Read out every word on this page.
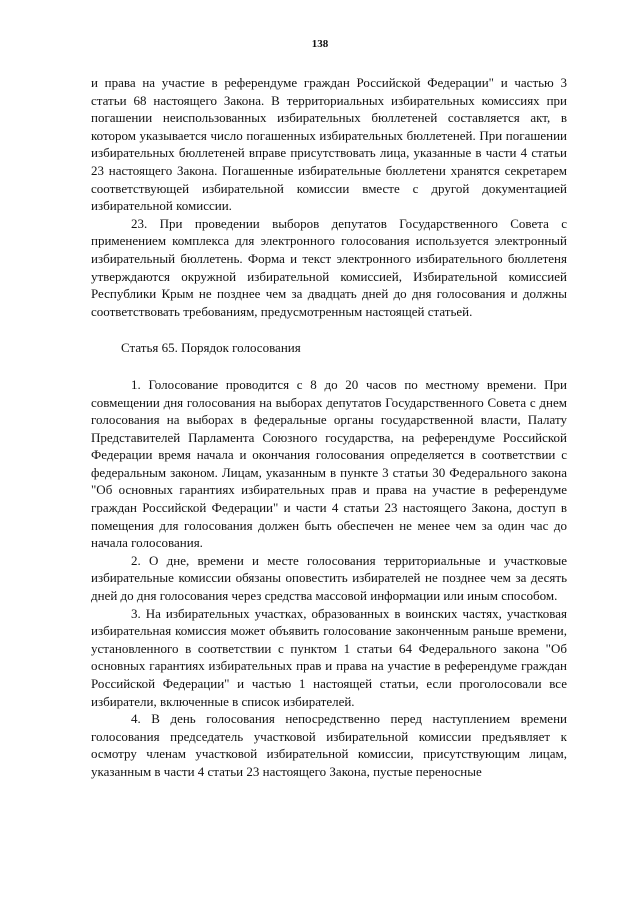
138

и права на участие в референдуме граждан Российской Федерации" и частью 3 статьи 68 настоящего Закона. В территориальных избирательных комиссиях при погашении неиспользованных избирательных бюллетеней составляется акт, в котором указывается число погашенных избирательных бюллетеней. При погашении избирательных бюллетеней вправе присутствовать лица, указанные в части 4 статьи 23 настоящего Закона. Погашенные избирательные бюллетени хранятся секретарем соответствующей избирательной комиссии вместе с другой документацией избирательной комиссии.

23. При проведении выборов депутатов Государственного Совета с применением комплекса для электронного голосования используется электронный избирательный бюллетень. Форма и текст электронного избирательного бюллетеня утверждаются окружной избирательной комиссией, Избирательной комиссией Республики Крым не позднее чем за двадцать дней до дня голосования и должны соответствовать требованиям, предусмотренным настоящей статьей.

Статья 65. Порядок голосования

1. Голосование проводится с 8 до 20 часов по местному времени. При совмещении дня голосования на выборах депутатов Государственного Совета с днем голосования на выборах в федеральные органы государственной власти, Палату Представителей Парламента Союзного государства, на референдуме Российской Федерации время начала и окончания голосования определяется в соответствии с федеральным законом. Лицам, указанным в пункте 3 статьи 30 Федерального закона "Об основных гарантиях избирательных прав и права на участие в референдуме граждан Российской Федерации" и части 4 статьи 23 настоящего Закона, доступ в помещения для голосования должен быть обеспечен не менее чем за один час до начала голосования.

2. О дне, времени и месте голосования территориальные и участковые избирательные комиссии обязаны оповестить избирателей не позднее чем за десять дней до дня голосования через средства массовой информации или иным способом.

3. На избирательных участках, образованных в воинских частях, участковая избирательная комиссия может объявить голосование законченным раньше времени, установленного в соответствии с пунктом 1 статьи 64 Федерального закона "Об основных гарантиях избирательных прав и права на участие в референдуме граждан Российской Федерации" и частью 1 настоящей статьи, если проголосовали все избиратели, включенные в список избирателей.

4. В день голосования непосредственно перед наступлением времени голосования председатель участковой избирательной комиссии предъявляет к осмотру членам участковой избирательной комиссии, присутствующим лицам, указанным в части 4 статьи 23 настоящего Закона, пустые переносные
